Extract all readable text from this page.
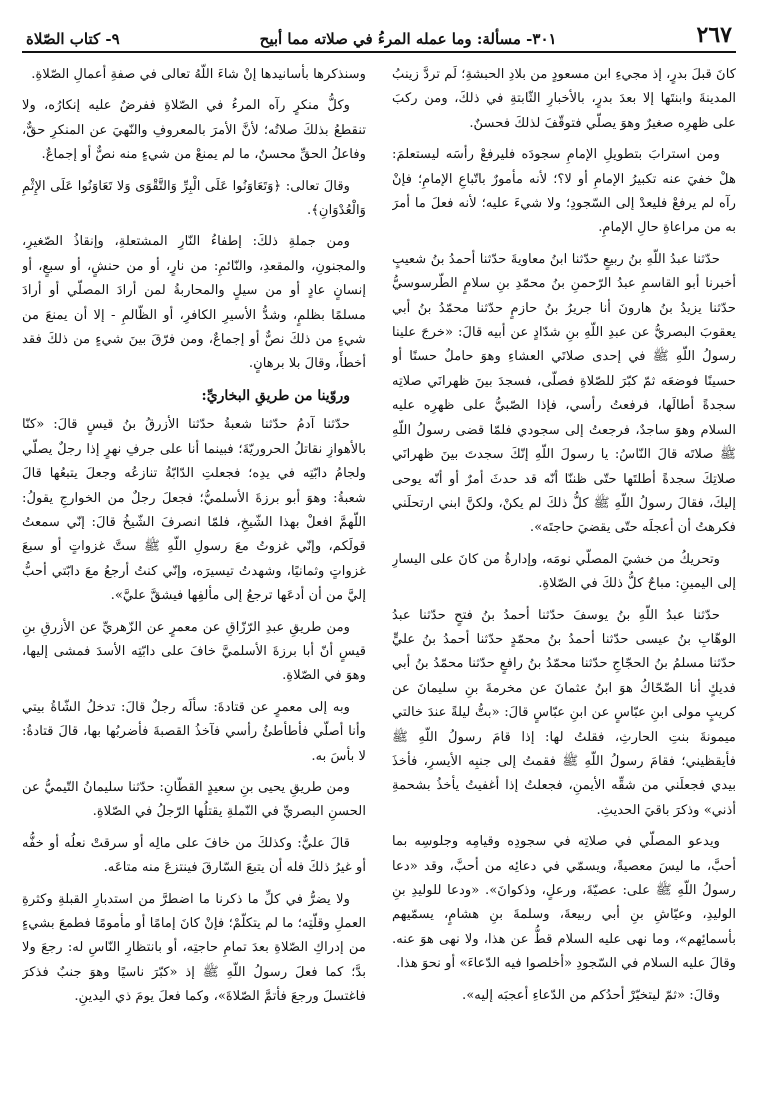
٢٦٧
٣٠١- مسألة: وما عمله المرءُ في صلاته مما أبيح
٩- كتاب الصّلاة

كانَ قبلَ بدرٍ، إذ مجيءِ ابن مسعودٍ من بلادِ الحبشةِ؛ لَم تردَّ زينبُ المدينةَ وابنتَها إلا بعدَ بدرٍ، بالأخبارِ الثّابتةِ في ذلكَ، ومن ركبَ على ظهرِه صغيرٌ وهوَ يصلّي فتوقّفَ لذلكَ فحسنٌ.

ومن استرابَ بتطويلِ الإمامِ سجودَه فليرفعْ رأسَه ليستعلمَ: هلْ خفيَ عنه تكبيرُ الإمامِ أو لا؟؛ لأنه مأمورٌ باتّباعِ الإمامِ؛ فإنْ رآه لم يرفعْ فليعدْ إلى السّجودِ؛ ولا شيءَ عليه؛ لأنه فعلَ ما أمرَ به من مراعاةِ حالِ الإمامِ.

حدّثنا عبدُ اللّهِ بنُ ربيعٍ حدّثنا ابنُ معاويةَ حدّثنا أحمدُ بنُ شعيبٍ أخبرنا أبو القاسمِ عبدُ الرّحمنِ بنُ محمّدِ بنِ سلامٍ الطّرسوسيُّ حدّثنا يزيدُ بنُ هارونَ أنا جريرُ بنُ حازمٍ حدّثنا محمّدُ بنُ أبي يعقوبَ البصريُّ عن عبدِ اللّهِ بنِ شدّادٍ عن أبيه قالَ: «خرجَ علينا رسولُ اللّهِ ﷺ في إحدى صلاتَي العشاءِ وهوَ حاملٌ حسنًا أو حسينًا فوضعَه ثمّ كبّرَ للصّلاةِ فصلّى، فسجدَ بينَ ظهرانَي صلاتِه سجدةً أطالَها، فرفعتُ رأسي، فإذا الصّبيُّ على ظهرِه عليه السلام وهوَ ساجدٌ، فرجعتُ إلى سجودي فلمّا قضى رسولُ اللّهِ ﷺ صلاتَه قالَ النّاسُ: يا رسولَ اللّهِ إنّكَ سجدتَ بينَ ظهرانَي صلاتِكَ سجدةً أطلتَها حتّى ظننّا أنّه قد حدثَ أمرٌ أو أنّه يوحى إليكَ، فقالَ رسولُ اللّهِ ﷺ كلُّ ذلكَ لم يكنْ، ولكنَّ ابني ارتحلَني فكرهتُ أن أعجلَه حتّى يقضيَ حاجتَه».

وتحريكُ من خشيَ المصلّي نومَه، وإدارةُ من كانَ على اليسارِ إلى اليمينِ: مباحٌ كلُّ ذلكَ في الصّلاةِ.

حدّثنا عبدُ اللّهِ بنُ يوسفَ حدّثنا أحمدُ بنُ فتحٍ حدّثنا عبدُ الوهّابِ بنُ عيسى حدّثنا أحمدُ بنُ محمّدٍ حدّثنا أحمدُ بنُ عليٍّ حدّثنا مسلمُ بنُ الحجّاجِ حدّثنا محمّدُ بنُ رافعٍ حدّثنا محمّدُ بنُ أبي فديكٍ أنا الضّحّاكُ هوَ ابنُ عثمانَ عن مخرمةَ بنِ سليمانَ عن كريبٍ مولى ابنِ عبّاسٍ عن ابنِ عبّاسٍ قالَ: «بتُّ ليلةً عندَ خالتي ميمونةَ بنتِ الحارثِ، فقلتُ لها: إذا قامَ رسولُ اللّهِ ﷺ فأيقظيني؛ فقامَ رسولُ اللّهِ ﷺ فقمتُ إلى جنبِه الأيسرِ، فأخذَ بيدي فجعلَني من شقِّه الأيمنِ، فجعلتُ إذا أغفيتُ يأخذُ بشحمةِ أذني» وذكرَ باقيَ الحديثِ.

ويدعو المصلّي في صلاتِه في سجودِه وقيامِه وجلوسِه بما أحبَّ، ما ليسَ معصيةً، ويسمّي في دعائِه من أحبَّ، وقد «دعا رسولُ اللّهِ ﷺ على: عصيّةَ، ورعلٍ، وذكوانَ». «ودعا للوليدِ بنِ الوليدِ، وعيّاشِ بنِ أبي ربيعةَ، وسلمةَ بنِ هشامٍ، يسمّيهم بأسمائِهم»، وما نهى عليه السلام قطُّ عن هذا، ولا نهى هوَ عنه. وقالَ عليه السلام في السّجودِ «أخلصوا فيه الدّعاءَ» أو نحوَ هذا.

وقالَ: «ثمّ ليتخيّرْ أحدُكم من الدّعاءِ أعجبَه إليه».

وسنذكرها بأسانيدها إنْ شاءَ اللّهُ تعالى في صفةِ أعمالِ الصّلاةِ.

وكلُّ منكرٍ رآه المرءُ في الصّلاةِ ففرضٌ عليه إنكارُه، ولا تنقطعُ بذلكَ صلاتُه؛ لأنَّ الأمرَ بالمعروفِ والنّهيَ عن المنكرِ حقٌّ، وفاعلُ الحقِّ محسنٌ، ما لم يمنعْ من شيءٍ منه نصٌّ أو إجماعٌ.

وقالَ تعالى: ﴿وَتَعَاوَنُوا عَلَى الْبِرِّ وَالتَّقْوَى وَلا تَعَاوَنُوا عَلَى الإِثْمِ وَالْعُدْوَانِ﴾.

ومن جملةِ ذلكَ: إطفاءُ النّارِ المشتعلةِ، وإنقاذُ الصّغيرِ، والمجنونِ، والمقعدِ، والنّائمِ: من نارٍ، أو من حنشٍ، أو سبعٍ، أو إنسانٍ عادٍ أو من سيلٍ والمحاربةُ لمن أرادَ المصلّي أو أرادَ مسلمًا بظلمٍ، وشدُّ الأسيرِ الكافرِ، أو الظّالمِ - إلا أن يمنعَ من شيءٍ من ذلكَ نصٌّ أو إجماعٌ، ومن فرّقَ بينَ شيءٍ من ذلكَ فقد أخطأَ، وقالَ بلا برهانٍ.

وروّينا من طريقِ البخاريِّ:

حدّثنا آدمُ حدّثنا شعبةُ حدّثنا الأزرقُ بنُ قيسٍ قالَ: «كنّا بالأهوازِ نقاتلُ الحروريّةَ؛ فبينما أنا على جرفِ نهرٍ إذا رجلٌ يصلّي ولجامُ دابّتِه في يدِه؛ فجعلتِ الدّابّةُ تنازعُه وجعلَ يتبعُها قالَ شعبةُ: وهوَ أبو برزةَ الأسلميُّ؛ فجعلَ رجلٌ من الخوارجِ يقولُ: اللّهمَّ افعلْ بهذا الشّيخِ، فلمّا انصرفَ الشّيخُ قالَ: إنّي سمعتُ قولَكم، وإنّي غزوتُ معَ رسولِ اللّهِ ﷺ ستَّ غزواتٍ أو سبعَ غزواتٍ وثمانيًا، وشهدتُ تيسيرَه، وإنّي كنتُ أرجعُ معَ دابّتي أحبُّ إليَّ من أن أدعَها ترجعُ إلى مألفِها فيشقَّ عليَّ».

ومن طريقِ عبدِ الرّزّاقِ عن معمرٍ عن الزّهريِّ عن الأزرقِ بنِ قيسٍ أنّ أبا برزةَ الأسلميَّ خافَ على دابّتِه الأسدَ فمشى إليها، وهوَ في الصّلاةِ.

وبه إلى معمرٍ عن قتادةَ: سألَه رجلٌ قالَ: تدخلُ الشّاةُ بيتي وأنا أصلّي فأطأطئُ رأسي فآخذُ القصبةَ فأضربُها بها، قالَ قتادةُ: لا بأسَ به.

ومن طريقِ يحيى بنِ سعيدٍ القطّانِ: حدّثنا سليمانُ التّيميُّ عن الحسنِ البصريِّ في النّملةِ يقتلُها الرّجلُ في الصّلاةِ.

قالَ عليٌّ: وكذلكَ من خافَ على مالِه أو سرقتْ نعلُه أو خفُّه أو غيرُ ذلكَ فله أن يتبعَ السّارقَ فينتزعَ منه متاعَه.

ولا يضرُّ في كلِّ ما ذكرنا ما اضطرَّ من استدبارِ القبلةِ وكثرةِ العملِ وقلّتِه؛ ما لم يتكلّمْ؛ فإنْ كانَ إمامًا أو مأمومًا فطمعَ بشيءٍ من إدراكِ الصّلاةِ بعدَ تمامِ حاجتِه، أو بانتظارِ النّاسِ له: رجعَ ولا بدَّ؛ كما فعلَ رسولُ اللّهِ ﷺ إذ «كبّرَ ناسيًا وهوَ جنبٌ فذكرَ فاغتسلَ ورجعَ فأتمَّ الصّلاةَ»، وكما فعلَ يومَ ذي اليدينِ.
